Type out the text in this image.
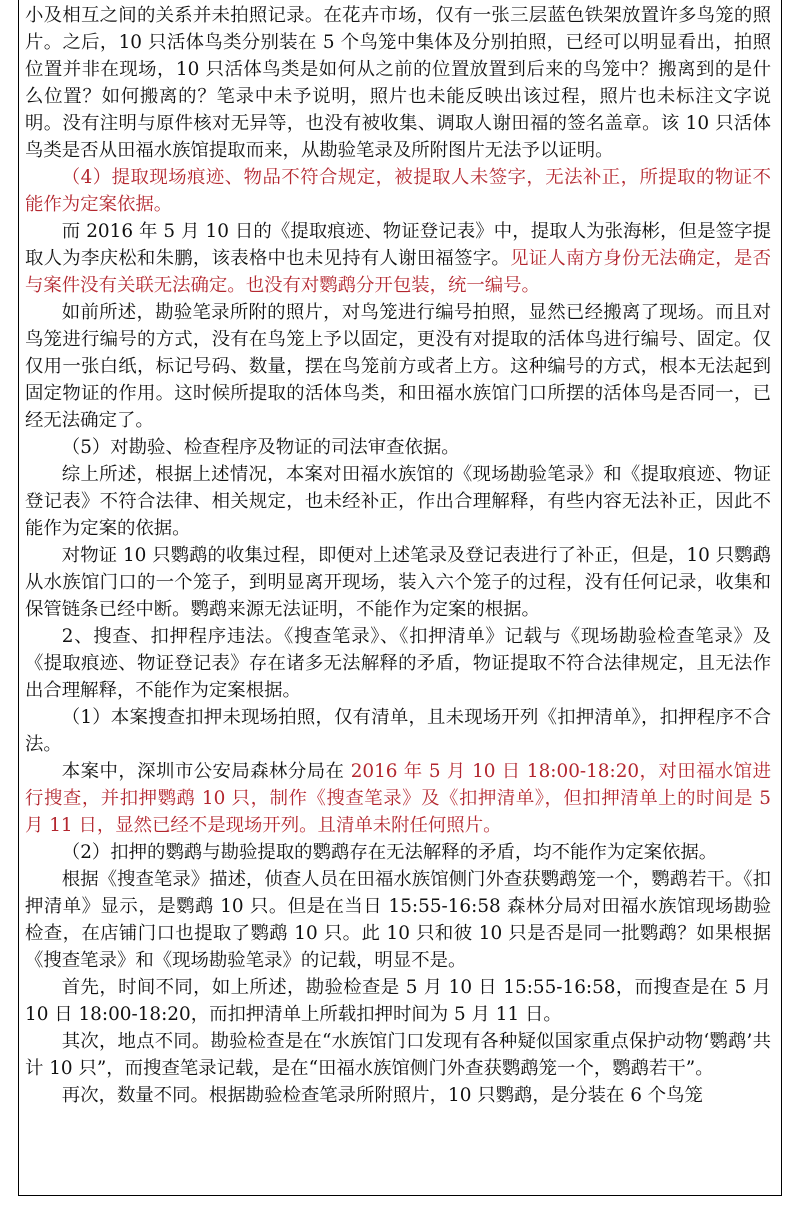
小及相互之间的关系并未拍照记录。在花卉市场，仅有一张三层蓝色铁架放置许多鸟笼的照片。之后，10 只活体鸟类分别装在 5 个鸟笼中集体及分别拍照，已经可以明显看出，拍照位置并非在现场，10 只活体鸟类是如何从之前的位置放置到后来的鸟笼中？搬离到的是什么位置？如何搬离的？笔录中未予说明，照片也未能反映出该过程，照片也未标注文字说明。没有注明与原件核对无异等，也没有被收集、调取人谢田福的签名盖章。该 10 只活体鸟类是否从田福水族馆提取而来，从勘验笔录及所附图片无法予以证明。

（4）提取现场痕迹、物品不符合规定，被提取人未签字，无法补正，所提取的物证不能作为定案依据。

而 2016 年 5 月 10 日的《提取痕迹、物证登记表》中，提取人为张海彬，但是签字提取人为李庆松和朱鹏，该表格中也未见持有人谢田福签字。见证人南方身份无法确定，是否与案件没有关联无法确定。也没有对鹦鹉分开包装，统一编号。

如前所述，勘验笔录所附的照片，对鸟笼进行编号拍照，显然已经搬离了现场。而且对鸟笼进行编号的方式，没有在鸟笼上予以固定，更没有对提取的活体鸟进行编号、固定。仅仅用一张白纸，标记号码、数量，摆在鸟笼前方或者上方。这种编号的方式，根本无法起到固定物证的作用。这时候所提取的活体鸟类，和田福水族馆门口所摆的活体鸟是否同一，已经无法确定了。

（5）对勘验、检查程序及物证的司法审查依据。

综上所述，根据上述情况，本案对田福水族馆的《现场勘验笔录》和《提取痕迹、物证登记表》不符合法律、相关规定，也未经补正，作出合理解释，有些内容无法补正，因此不能作为定案的依据。

对物证 10 只鹦鹉的收集过程，即便对上述笔录及登记表进行了补正，但是，10 只鹦鹉从水族馆门口的一个笼子，到明显离开现场，装入六个笼子的过程，没有任何记录，收集和保管链条已经中断。鹦鹉来源无法证明，不能作为定案的根据。

2、搜查、扣押程序违法。《搜查笔录》、《扣押清单》记载与《现场勘验检查笔录》及《提取痕迹、物证登记表》存在诸多无法解释的矛盾，物证提取不符合法律规定，且无法作出合理解释，不能作为定案根据。

（1）本案搜查扣押未现场拍照，仅有清单，且未现场开列《扣押清单》，扣押程序不合法。

本案中，深圳市公安局森林分局在 2016 年 5 月 10 日 18:00-18:20，对田福水馆进行搜查，并扣押鹦鹉 10 只，制作《搜查笔录》及《扣押清单》，但扣押清单上的时间是 5 月 11 日，显然已经不是现场开列。且清单未附任何照片。

（2）扣押的鹦鹉与勘验提取的鹦鹉存在无法解释的矛盾，均不能作为定案依据。

根据《搜查笔录》描述，侦查人员在田福水族馆侧门外查获鹦鹉笼一个，鹦鹉若干。《扣押清单》显示，是鹦鹉 10 只。但是在当日 15:55-16:58 森林分局对田福水族馆现场勘验检查，在店铺门口也提取了鹦鹉 10 只。此 10 只和彼 10 只是否是同一批鹦鹉？如果根据《搜查笔录》和《现场勘验笔录》的记载，明显不是。

首先，时间不同，如上所述，勘验检查是 5 月 10 日 15:55-16:58，而搜查是在 5 月 10 日 18:00-18:20，而扣押清单上所载扣押时间为 5 月 11 日。

其次，地点不同。勘验检查是在“水族馆门口发现有各种疑似国家重点保护动物‘鹦鹉’共计 10 只”，而搜查笔录记载，是在“田福水族馆侧门外查获鹦鹉笼一个，鹦鹉若干”。

再次，数量不同。根据勘验检查笔录所附照片，10 只鹦鹉，是分装在 6 个鸟笼
